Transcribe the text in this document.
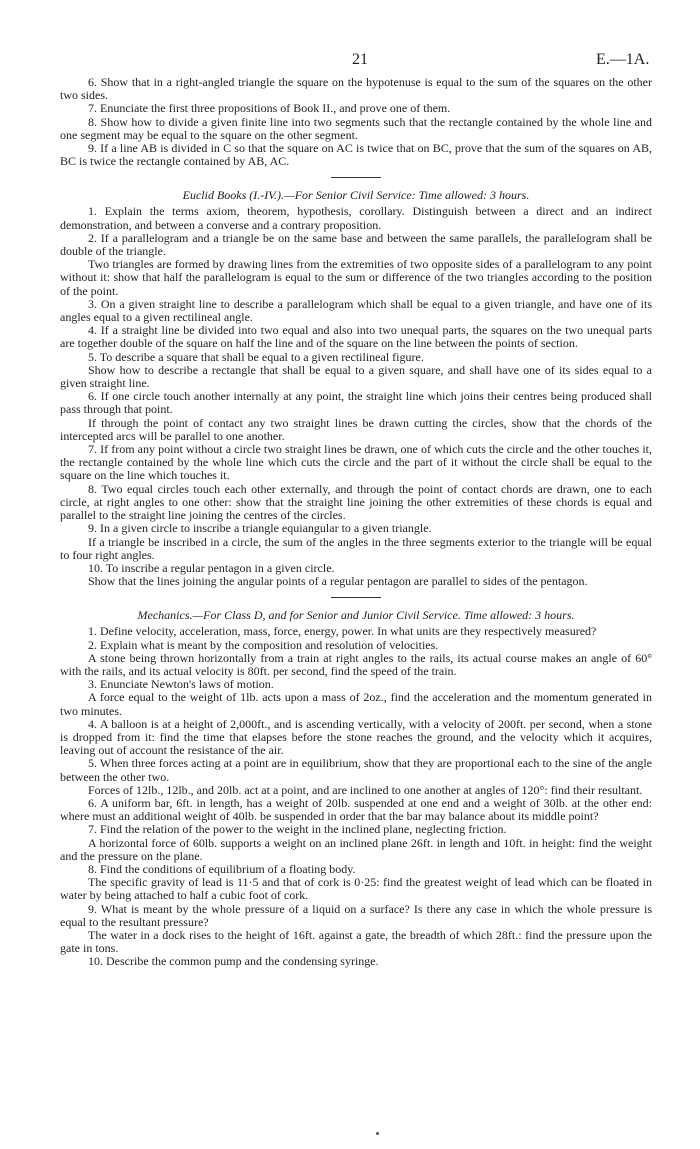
21	E.—1A.

6. Show that in a right-angled triangle the square on the hypotenuse is equal to the sum of the squares on the other two sides.

7. Enunciate the first three propositions of Book II., and prove one of them.

8. Show how to divide a given finite line into two segments such that the rectangle contained by the whole line and one segment may be equal to the square on the other segment.

9. If a line AB is divided in C so that the square on AC is twice that on BC, prove that the sum of the squares on AB, BC is twice the rectangle contained by AB, AC.

Euclid Books (I.-IV.).—For Senior Civil Service: Time allowed: 3 hours.

1. Explain the terms axiom, theorem, hypothesis, corollary. Distinguish between a direct and an indirect demonstration, and between a converse and a contrary proposition.

2. If a parallelogram and a triangle be on the same base and between the same parallels, the parallelogram shall be double of the triangle.

Two triangles are formed by drawing lines from the extremities of two opposite sides of a parallelogram to any point without it: show that half the parallelogram is equal to the sum or difference of the two triangles according to the position of the point.

3. On a given straight line to describe a parallelogram which shall be equal to a given triangle, and have one of its angles equal to a given rectilineal angle.

4. If a straight line be divided into two equal and also into two unequal parts, the squares on the two unequal parts are together double of the square on half the line and of the square on the line between the points of section.

5. To describe a square that shall be equal to a given rectilineal figure.

Show how to describe a rectangle that shall be equal to a given square, and shall have one of its sides equal to a given straight line.

6. If one circle touch another internally at any point, the straight line which joins their centres being produced shall pass through that point.

If through the point of contact any two straight lines be drawn cutting the circles, show that the chords of the intercepted arcs will be parallel to one another.

7. If from any point without a circle two straight lines be drawn, one of which cuts the circle and the other touches it, the rectangle contained by the whole line which cuts the circle and the part of it without the circle shall be equal to the square on the line which touches it.

8. Two equal circles touch each other externally, and through the point of contact chords are drawn, one to each circle, at right angles to one other: show that the straight line joining the other extremities of these chords is equal and parallel to the straight line joining the centres of the circles.

9. In a given circle to inscribe a triangle equiangular to a given triangle.

If a triangle be inscribed in a circle, the sum of the angles in the three segments exterior to the triangle will be equal to four right angles.

10. To inscribe a regular pentagon in a given circle.

Show that the lines joining the angular points of a regular pentagon are parallel to sides of the pentagon.

Mechanics.—For Class D, and for Senior and Junior Civil Service. Time allowed: 3 hours.

1. Define velocity, acceleration, mass, force, energy, power. In what units are they respectively measured?

2. Explain what is meant by the composition and resolution of velocities.

A stone being thrown horizontally from a train at right angles to the rails, its actual course makes an angle of 60° with the rails, and its actual velocity is 80ft. per second, find the speed of the train.

3. Enunciate Newton's laws of motion.

A force equal to the weight of 1lb. acts upon a mass of 2oz., find the acceleration and the momentum generated in two minutes.

4. A balloon is at a height of 2,000ft., and is ascending vertically, with a velocity of 200ft. per second, when a stone is dropped from it: find the time that elapses before the stone reaches the ground, and the velocity which it acquires, leaving out of account the resistance of the air.

5. When three forces acting at a point are in equilibrium, show that they are proportional each to the sine of the angle between the other two.

Forces of 12lb., 12lb., and 20lb. act at a point, and are inclined to one another at angles of 120°: find their resultant.

6. A uniform bar, 6ft. in length, has a weight of 20lb. suspended at one end and a weight of 30lb. at the other end: where must an additional weight of 40lb. be suspended in order that the bar may balance about its middle point?

7. Find the relation of the power to the weight in the inclined plane, neglecting friction.

A horizontal force of 60lb. supports a weight on an inclined plane 26ft. in length and 10ft. in height: find the weight and the pressure on the plane.

8. Find the conditions of equilibrium of a floating body.

The specific gravity of lead is 11·5 and that of cork is 0·25: find the greatest weight of lead which can be floated in water by being attached to half a cubic foot of cork.

9. What is meant by the whole pressure of a liquid on a surface? Is there any case in which the whole pressure is equal to the resultant pressure?

The water in a dock rises to the height of 16ft. against a gate, the breadth of which 28ft.: find the pressure upon the gate in tons.

10. Describe the common pump and the condensing syringe.
